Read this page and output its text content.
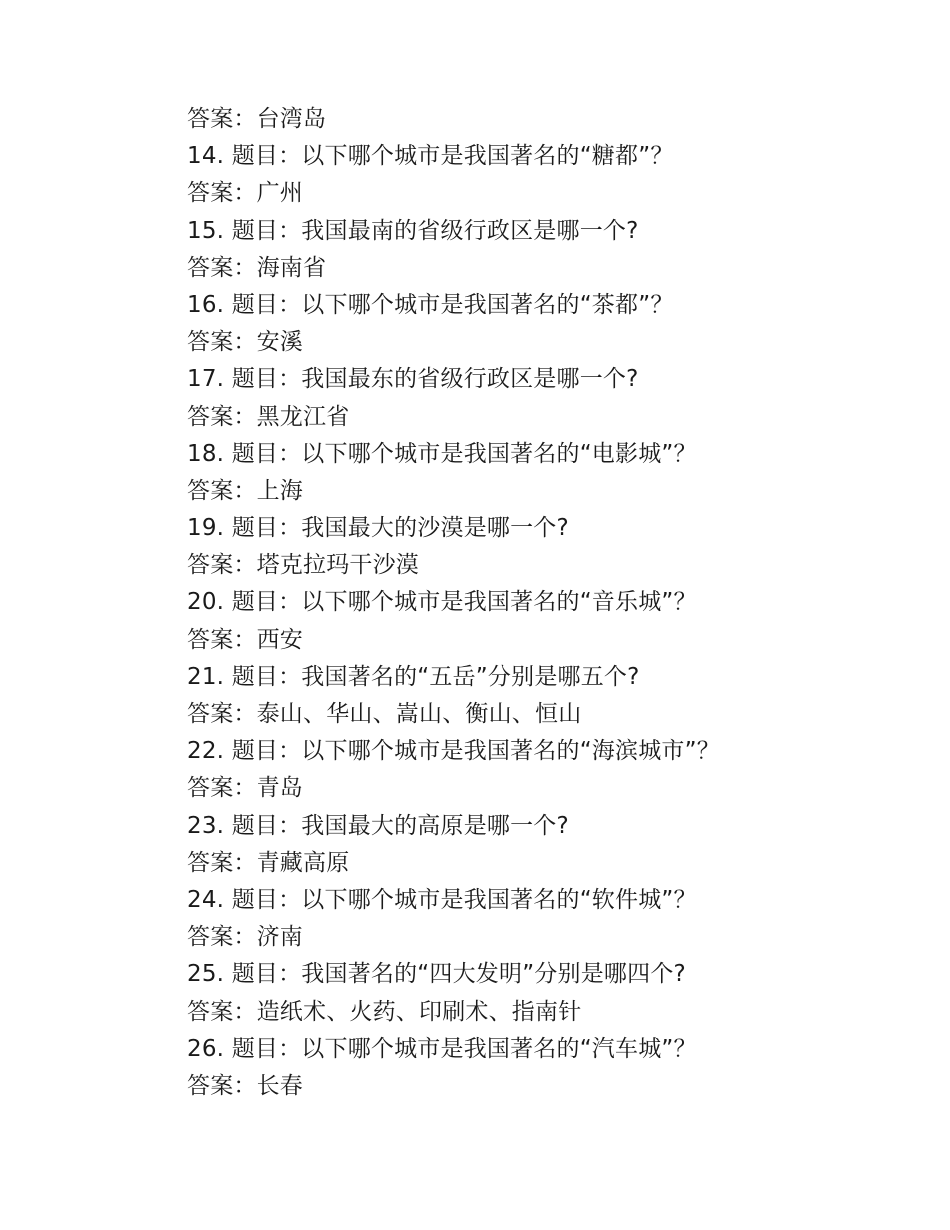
答案：台湾岛
14. 题目：以下哪个城市是我国著名的“糖都”？
答案：广州
15. 题目：我国最南的省级行政区是哪一个?
答案：海南省
16. 题目：以下哪个城市是我国著名的“茶都”？
答案：安溪
17. 题目：我国最东的省级行政区是哪一个?
答案：黑龙江省
18. 题目：以下哪个城市是我国著名的“电影城”？
答案：上海
19. 题目：我国最大的沙漠是哪一个?
答案：塔克拉玛干沙漠
20. 题目：以下哪个城市是我国著名的“音乐城”？
答案：西安
21. 题目：我国著名的“五岳”分别是哪五个?
答案：泰山、华山、嵩山、衡山、恒山
22. 题目：以下哪个城市是我国著名的“海滨城市”？
答案：青岛
23. 题目：我国最大的高原是哪一个?
答案：青藏高原
24. 题目：以下哪个城市是我国著名的“软件城”？
答案：济南
25. 题目：我国著名的“四大发明”分别是哪四个?
答案：造纸术、火药、印刷术、指南针
26. 题目：以下哪个城市是我国著名的“汽车城”？
答案：长春
